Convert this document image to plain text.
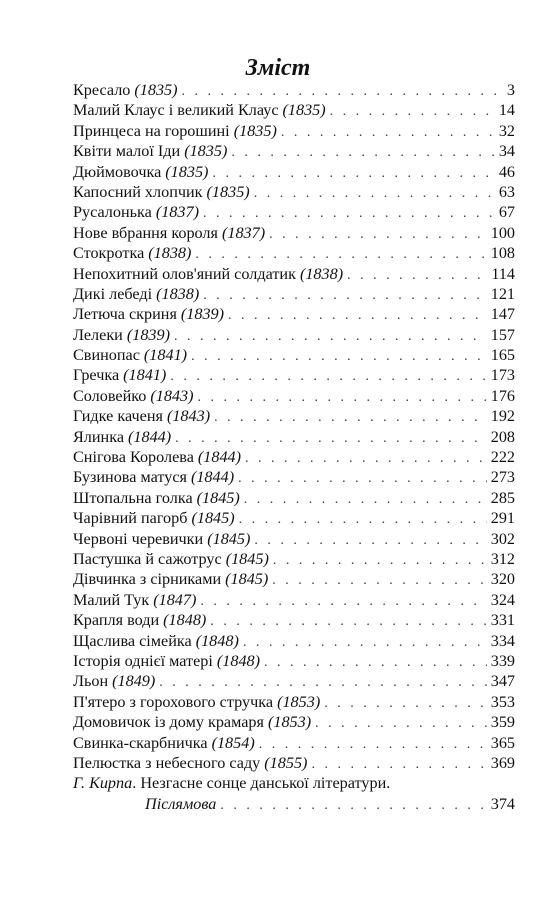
Зміст
Кресало (1835) . . .	3
Малий Клаус і великий Клаус (1835) . . .	14
Принцеса на горошині (1835) . . .	32
Квіти малої Іди (1835) . . .	34
Дюймовочка (1835) . . .	46
Капосний хлопчик (1835) . . .	63
Русалонька (1837) . . .	67
Нове вбрання короля (1837) . . .	100
Стокротка (1838) . . .	108
Непохитний олов'яний солдатик (1838) . . .	114
Дикі лебеді (1838) . . .	121
Летюча скриня (1839) . . .	147
Лелеки (1839) . . .	157
Свинопас (1841) . . .	165
Гречка (1841) . . .	173
Соловейко (1843) . . .	176
Гидке каченя (1843) . . .	192
Ялинка (1844) . . .	208
Снігова Королева (1844) . . .	222
Бузинова матуся (1844) . . .	273
Штопальна голка (1845) . . .	285
Чарівний пагорб (1845) . . .	291
Червоні черевички (1845) . . .	302
Пастушка й сажотрус (1845) . . .	312
Дівчинка з сірниками (1845) . . .	320
Малий Тук (1847) . . .	324
Крапля води (1848) . . .	331
Щаслива сімейка (1848) . . .	334
Історія однієї матері (1848) . . .	339
Льон (1849) . . .	347
П'ятеро з горохового стручка (1853) . . .	353
Домовичок із дому крамаря (1853) . . .	359
Свинка-скарбничка (1854) . . .	365
Пелюстка з небесного саду (1855) . . .	369
Г. Кирпа. Незгасне сонце данської літератури.
Післямова . . .	374
